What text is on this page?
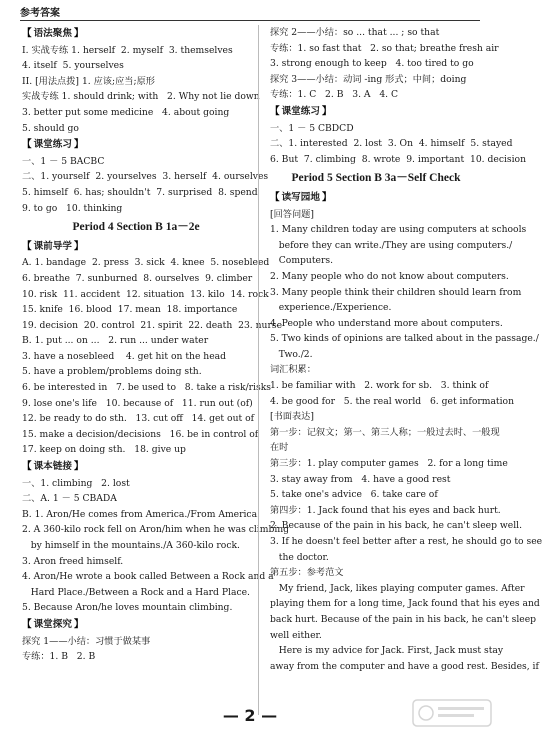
参考答案
【 语法聚焦 】
I. 实战专练 1. herself  2. myself  3. themselves
4. itself  5. yourselves
II. [用法点拨] 1. 应该;应当;原形
实战专练 1. should drink; with   2. Why not lie down
3. better put some medicine   4. about going
5. should go
【 课堂练习 】
一、1 － 5 BACBC
二、1. yourself  2. yourselves  3. herself  4. ourselves
5. himself  6. has; shouldn't  7. surprised  8. spend
9. to go   10. thinking
Period 4 Section B 1a－2e
【 课前导学 】
A. 1. bandage  2. press  3. sick  4. knee  5. nosebleed
6. breathe  7. sunburned  8. ourselves  9. climber
10. risk  11. accident  12. situation  13. kilo  14. rock
15. knife  16. blood  17. mean  18. importance
19. decision  20. control  21. spirit  22. death  23. nurse
B. 1. put ... on ...   2. run ... under water
3. have a nosebleed    4. get hit on the head
5. have a problem/problems doing sth.
6. be interested in   7. be used to   8. take a risk/risks
9. lose one's life   10. because of   11. run out (of)
12. be ready to do sth.   13. cut off   14. get out of
15. make a decision/decisions   16. be in control of
17. keep on doing sth.   18. give up
【 课本链接 】
一、1. climbing   2. lost
二、A. 1 － 5 CBADA
B. 1. Aron/He comes from America./From America.
2. A 360-kilo rock fell on Aron/him when he was climbing
by himself in the mountains./A 360-kilo rock.
3. Aron freed himself.
4. Aron/He wrote a book called Between a Rock and a
Hard Place./Between a Rock and a Hard Place.
5. Because Aron/he loves mountain climbing.
【 课堂探究 】
探究 1——小结：习惯于做某事
专练：1. B   2. B
探究 2——小结：so ... that ... ; so that
专练：1. so fast that   2. so that; breathe fresh air
3. strong enough to keep   4. too tired to go
探究 3——小结：动词 -ing 形式；中间；doing
专练：1. C   2. B   3. A   4. C
【 课堂练习 】
一、1 － 5 CBDCD
二、1. interested  2. lost  3. On  4. himself  5. stayed
6. But  7. climbing  8. wrote  9. important  10. decision
Period 5 Section B 3a－Self Check
【 读写园地 】
[回答问题]
1. Many children today are using computers at schools
before they can write./They are using computers./
Computers.
2. Many people who do not know about computers.
3. Many people think their children should learn from
experience./Experience.
4. People who understand more about computers.
5. Two kinds of opinions are talked about in the passage./
Two./2.
词汇积累：
1. be familiar with   2. work for sb.   3. think of
4. be good for   5. the real world   6. get information
[书面表达]
第一步：记叙文；第一、第三人称；一般过去时、一般现
在时
第三步：1. play computer games   2. for a long time
3. stay away from   4. have a good rest
5. take one's advice   6. take care of
第四步：1. Jack found that his eyes and back hurt.
2. Because of the pain in his back, he can't sleep well.
3. If he doesn't feel better after a rest, he should go to see
the doctor.
第五步：参考范文
My friend, Jack, likes playing computer games. After
playing them for a long time, Jack found that his eyes and
back hurt. Because of the pain in his back, he can't sleep
well either.
Here is my advice for Jack. First, Jack must stay
away from the computer and have a good rest. Besides, if
— 2 —
